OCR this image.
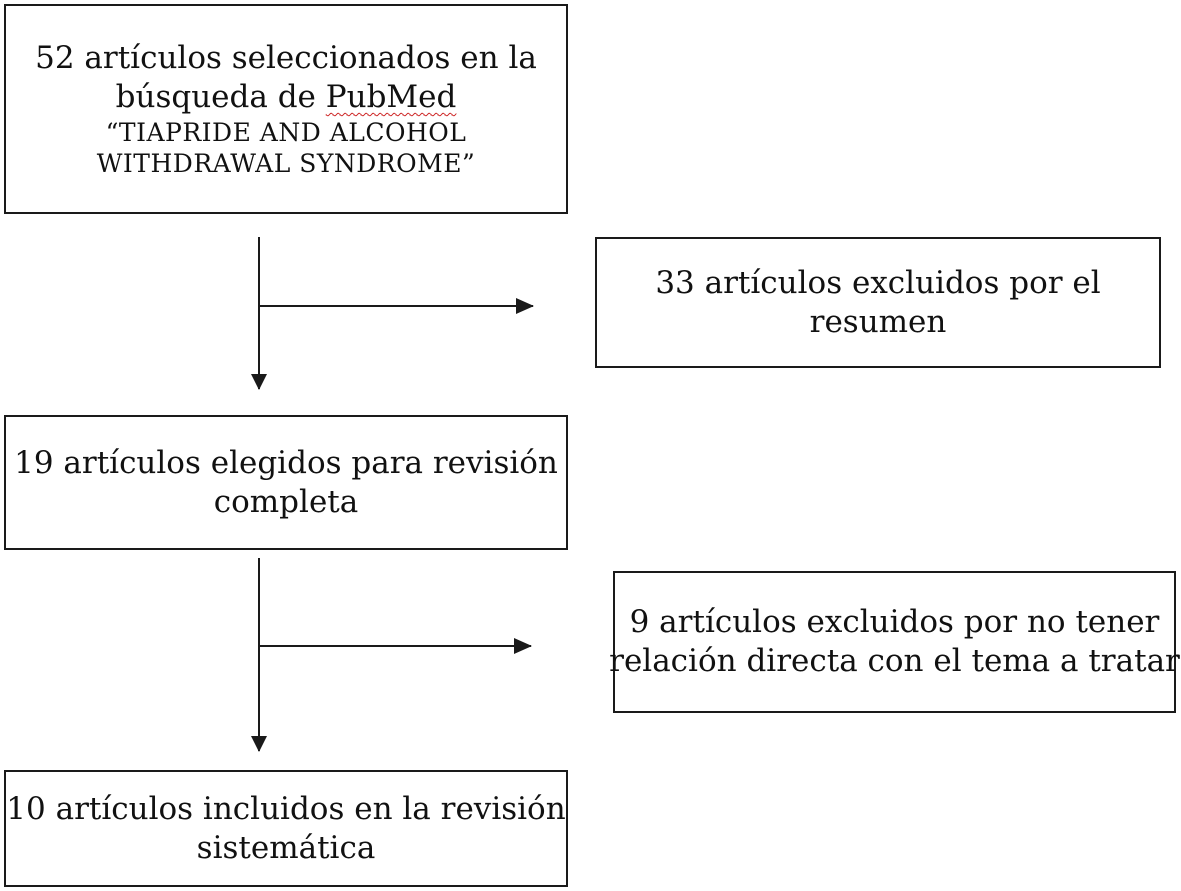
52 artículos seleccionados en la
búsqueda de PubMed
“TIAPRIDE AND ALCOHOL
WITHDRAWAL SYNDROME”
33 artículos excluidos por el
resumen
19 artículos elegidos para revisión
completa
9 artículos excluidos por no tener
relación directa con el tema a tratar
10 artículos incluidos en la revisión
sistemática
